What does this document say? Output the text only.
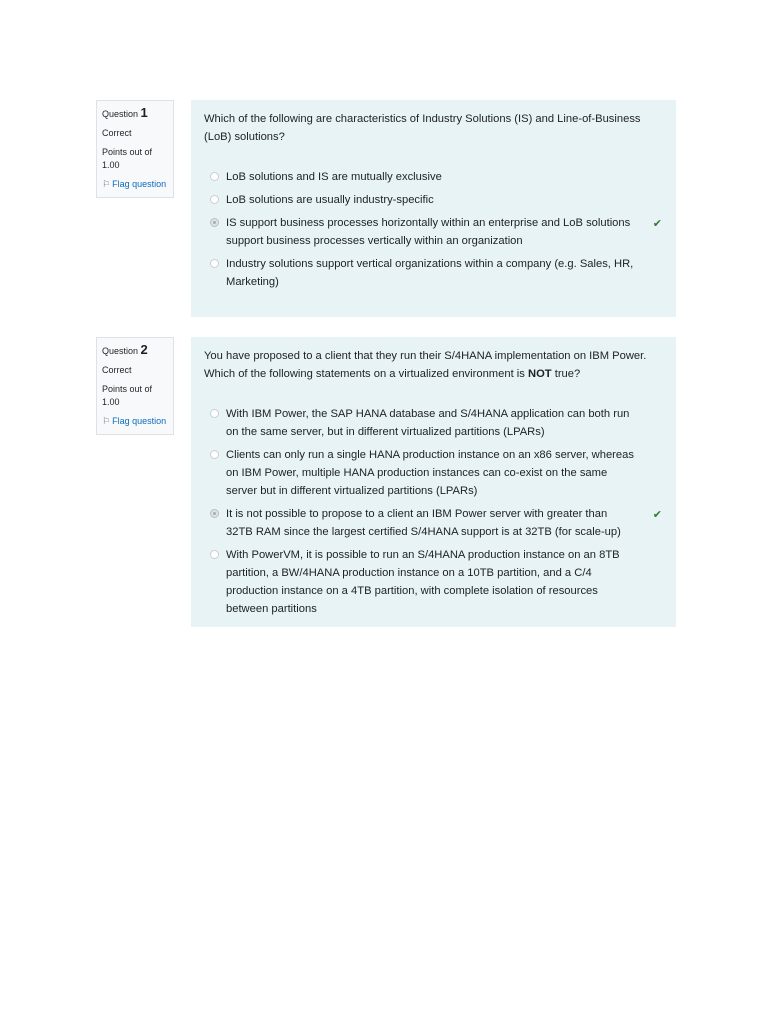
Question 1
Correct
Points out of
1.00
⚐ Flag question
Which of the following are characteristics of Industry Solutions (IS) and Line-of-Business (LoB) solutions?
LoB solutions and IS are mutually exclusive
LoB solutions are usually industry-specific
IS support business processes horizontally within an enterprise and LoB solutions support business processes vertically within an organization
✔
Industry solutions support vertical organizations within a company (e.g. Sales, HR, Marketing)
Question 2
Correct
Points out of
1.00
⚐ Flag question
You have proposed to a client that they run their S/4HANA implementation on IBM Power. Which of the following statements on a virtualized environment is NOT true?
With IBM Power, the SAP HANA database and S/4HANA application can both run on the same server, but in different virtualized partitions (LPARs)
Clients can only run a single HANA production instance on an x86 server, whereas on IBM Power, multiple HANA production instances can co-exist on the same server but in different virtualized partitions (LPARs)
It is not possible to propose to a client an IBM Power server with greater than 32TB RAM since the largest certified S/4HANA support is at 32TB (for scale-up)
✔
With PowerVM, it is possible to run an S/4HANA production instance on an 8TB partition, a BW/4HANA production instance on a 10TB partition, and a C/4 production instance on a 4TB partition, with complete isolation of resources between partitions
